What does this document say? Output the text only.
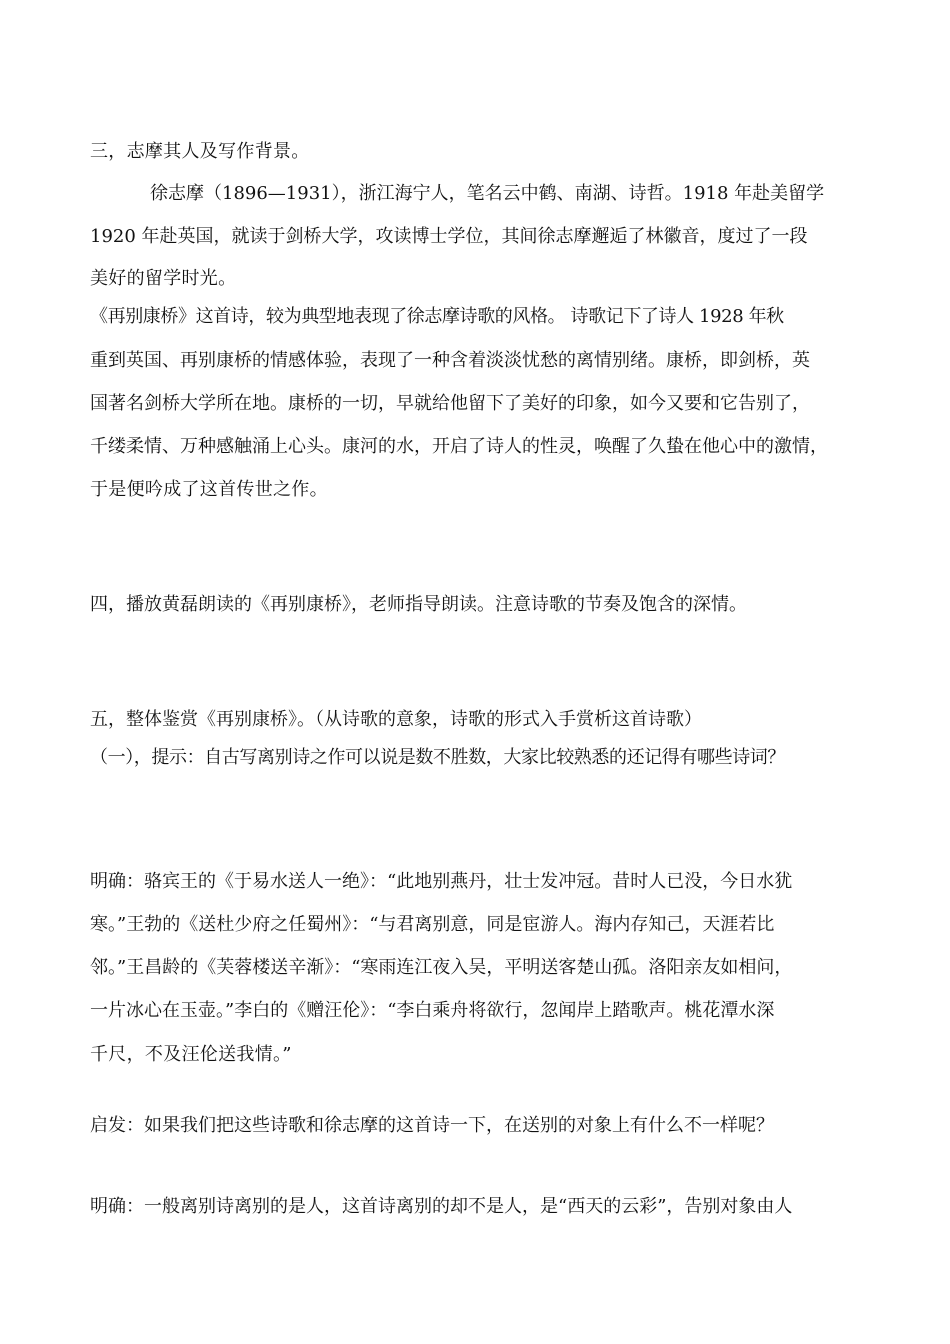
三，志摩其人及写作背景。
徐志摩（1896—1931），浙江海宁人，笔名云中鹤、南湖、诗哲。1918 年赴美留学
1920 年赴英国，就读于剑桥大学，攻读博士学位，其间徐志摩邂逅了林徽音，度过了一段
美好的留学时光。
《再别康桥》这首诗，较为典型地表现了徐志摩诗歌的风格。 诗歌记下了诗人 1928 年秋
重到英国、再别康桥的情感体验，表现了一种含着淡淡忧愁的离情别绪。康桥，即剑桥，英
国著名剑桥大学所在地。康桥的一切，早就给他留下了美好的印象，如今又要和它告别了，
千缕柔情、万种感触涌上心头。康河的水，开启了诗人的性灵，唤醒了久蛰在他心中的激情，
于是便吟成了这首传世之作。
四，播放黄磊朗读的《再别康桥》，老师指导朗读。注意诗歌的节奏及饱含的深情。
五，整体鉴赏《再别康桥》。（从诗歌的意象，诗歌的形式入手赏析这首诗歌）
（一），提示：自古写离别诗之作可以说是数不胜数，大家比较熟悉的还记得有哪些诗词？
明确：骆宾王的《于易水送人一绝》：“此地别燕丹，壮士发冲冠。昔时人已没，今日水犹
寒。”王勃的《送杜少府之任蜀州》：“与君离别意，同是宦游人。海内存知己，天涯若比
邻。”王昌龄的《芙蓉楼送辛渐》：“寒雨连江夜入吴，平明送客楚山孤。洛阳亲友如相问，
一片冰心在玉壶。”李白的《赠汪伦》：“李白乘舟将欲行，忽闻岸上踏歌声。桃花潭水深
千尺，不及汪伦送我情。”
启发：如果我们把这些诗歌和徐志摩的这首诗一下，在送别的对象上有什么不一样呢？
明确：一般离别诗离别的是人，这首诗离别的却不是人，是“西天的云彩”，告别对象由人
